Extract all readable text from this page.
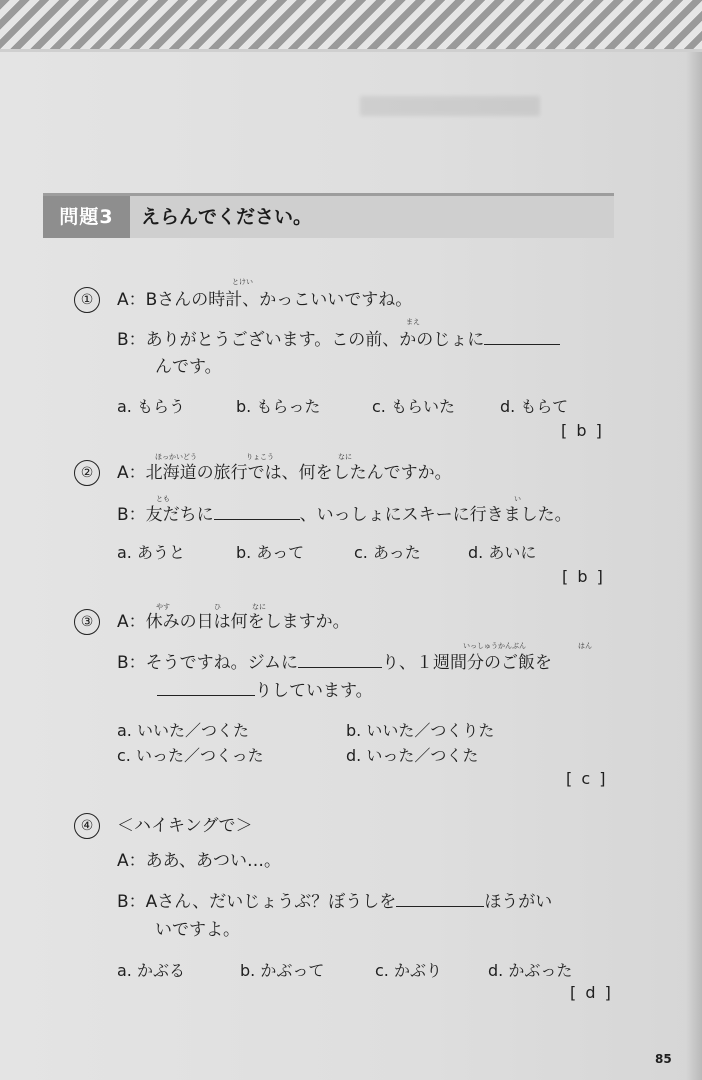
問題3	えらんでください。
①
とけい
A：Bさんの時計、かっこいいですね。
まえ
B：ありがとうございます。この前、かのじょに
んです。
a. もらう	b. もらった	c. もらいた	d. もらて
[ b ]
②
ほっかいどう	りょこう	なに
A：北海道の旅行では、何をしたんですか。
とも	い
B：友だちに	、いっしょにスキーに行きました。
a. あうと	b. あって	c. あった	d. あいに
[ b ]
③
やす	ひ	なに
A：休みの日は何をしますか。
いっしゅうかんぶん	はん
B：そうですね。ジムに	り、１週間分のご飯を
りしています。
a. いいた／つくた	b. いいた／つくりた
c. いった／つくった	d. いった／つくた
[ c ]
④	＜ハイキングで＞
A：ああ、あつい…。
B：Aさん、だいじょうぶ？ぼうしを	ほうがい
いですよ。
a. かぶる	b. かぶって	c. かぶり	d. かぶった
[ d ]
85
